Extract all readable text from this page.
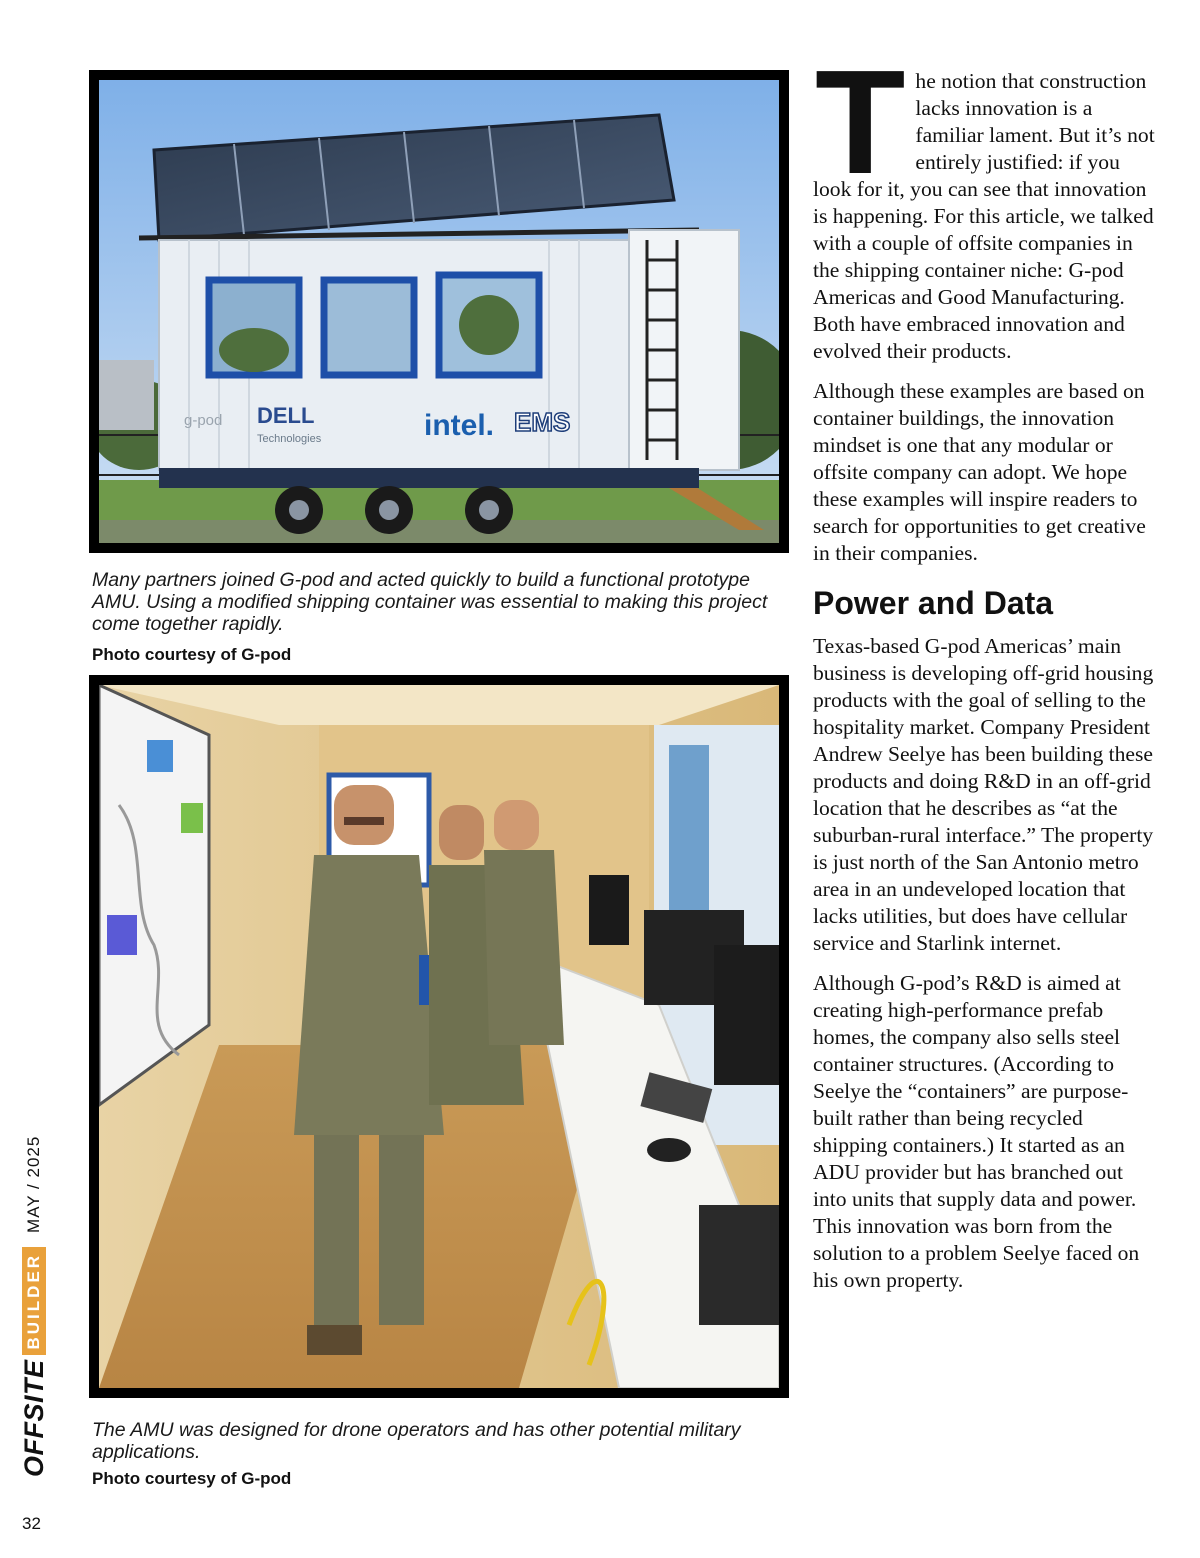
g-pod DELL
Technologies	intel. EMS

Many partners joined G-pod and acted quickly to build a functional prototype AMU. Using a modified shipping container was essential to making this project come together rapidly.

Photo courtesy of G-pod

The AMU was designed for drone operators and has other potential military applications.

Photo courtesy of G-pod

The notion that construction lacks innovation is a familiar lament. But it’s not entirely justified: if you look for it, you can see that innovation is happening. For this article, we talked with a couple of offsite companies in the shipping container niche: G-pod Americas and Good Manufacturing. Both have embraced innovation and evolved their products.

Although these examples are based on container buildings, the innovation mindset is one that any modular or offsite company can adopt. We hope these examples will inspire readers to search for opportunities to get creative in their companies.

Power and Data

Texas-based G-pod Americas’ main business is developing off-grid housing products with the goal of selling to the hospitality market. Company President Andrew Seelye has been building these products and doing R&D in an off-grid location that he describes as “at the suburban-rural interface.” The property is just north of the San Antonio metro area in an undeveloped location that lacks utilities, but does have cellular service and Starlink internet.

Although G-pod’s R&D is aimed at creating high-performance prefab homes, the company also sells steel container structures. (According to Seelye the “containers” are purpose-built rather than being recycled shipping containers.) It started as an ADU provider but has branched out into units that supply data and power. This innovation was born from the solution to a problem Seelye faced on his own property.

OFFSITE
BUILDER
MAY / 2025
32
